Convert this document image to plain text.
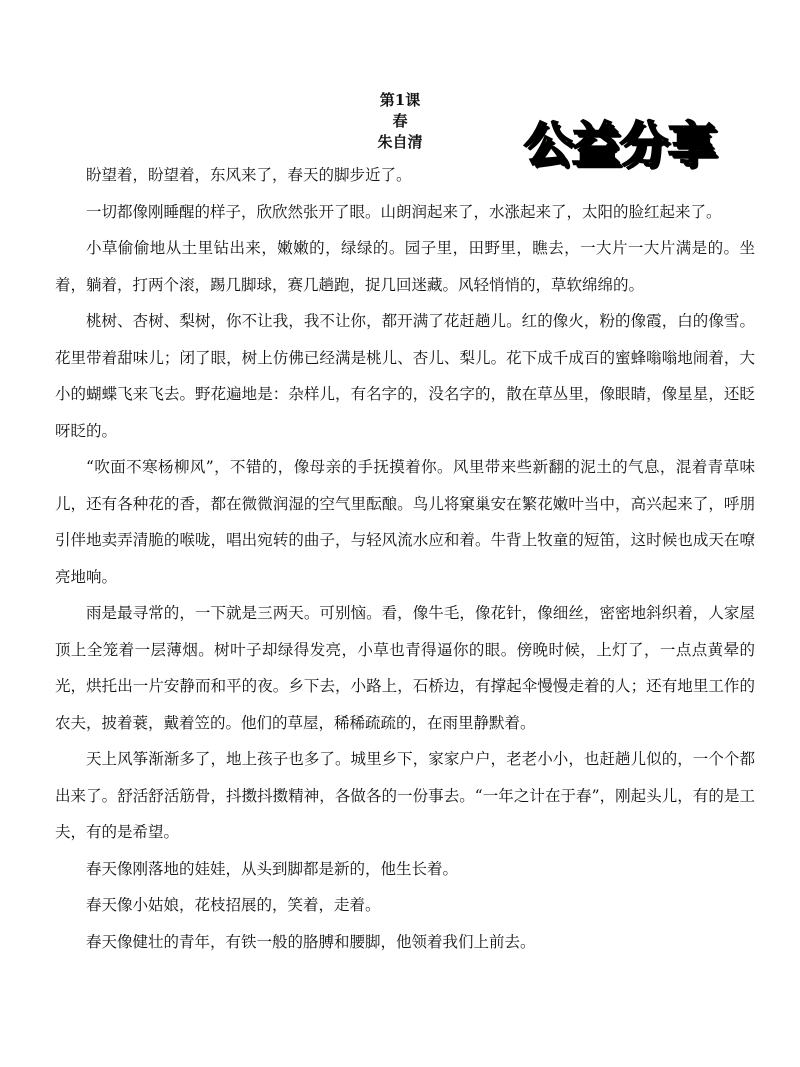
第1课
春
朱自清	公益分享

盼望着，盼望着，东风来了，春天的脚步近了。

一切都像刚睡醒的样子，欣欣然张开了眼。山朗润起来了，水涨起来了，太阳的脸红起来了。

小草偷偷地从土里钻出来，嫩嫩的，绿绿的。园子里，田野里，瞧去，一大片一大片满是的。坐着，躺着，打两个滚，踢几脚球，赛几趟跑，捉几回迷藏。风轻悄悄的，草软绵绵的。

桃树、杏树、梨树，你不让我，我不让你，都开满了花赶趟儿。红的像火，粉的像霞，白的像雪。花里带着甜味儿；闭了眼，树上仿佛已经满是桃儿、杏儿、梨儿。花下成千成百的蜜蜂嗡嗡地闹着，大小的蝴蝶飞来飞去。野花遍地是：杂样儿，有名字的，没名字的，散在草丛里，像眼睛，像星星，还眨呀眨的。

“吹面不寒杨柳风”，不错的，像母亲的手抚摸着你。风里带来些新翻的泥土的气息，混着青草味儿，还有各种花的香，都在微微润湿的空气里酝酿。鸟儿将窠巢安在繁花嫩叶当中，高兴起来了，呼朋引伴地卖弄清脆的喉咙，唱出宛转的曲子，与轻风流水应和着。牛背上牧童的短笛，这时候也成天在嘹亮地响。

雨是最寻常的，一下就是三两天。可别恼。看，像牛毛，像花针，像细丝，密密地斜织着，人家屋顶上全笼着一层薄烟。树叶子却绿得发亮，小草也青得逼你的眼。傍晚时候，上灯了，一点点黄晕的光，烘托出一片安静而和平的夜。乡下去，小路上，石桥边，有撑起伞慢慢走着的人；还有地里工作的农夫，披着蓑，戴着笠的。他们的草屋，稀稀疏疏的，在雨里静默着。

天上风筝渐渐多了，地上孩子也多了。城里乡下，家家户户，老老小小，也赶趟儿似的，一个个都出来了。舒活舒活筋骨，抖擞抖擞精神，各做各的一份事去。“一年之计在于春”，刚起头儿，有的是工夫，有的是希望。

春天像刚落地的娃娃，从头到脚都是新的，他生长着。

春天像小姑娘，花枝招展的，笑着，走着。

春天像健壮的青年，有铁一般的胳膊和腰脚，他领着我们上前去。
